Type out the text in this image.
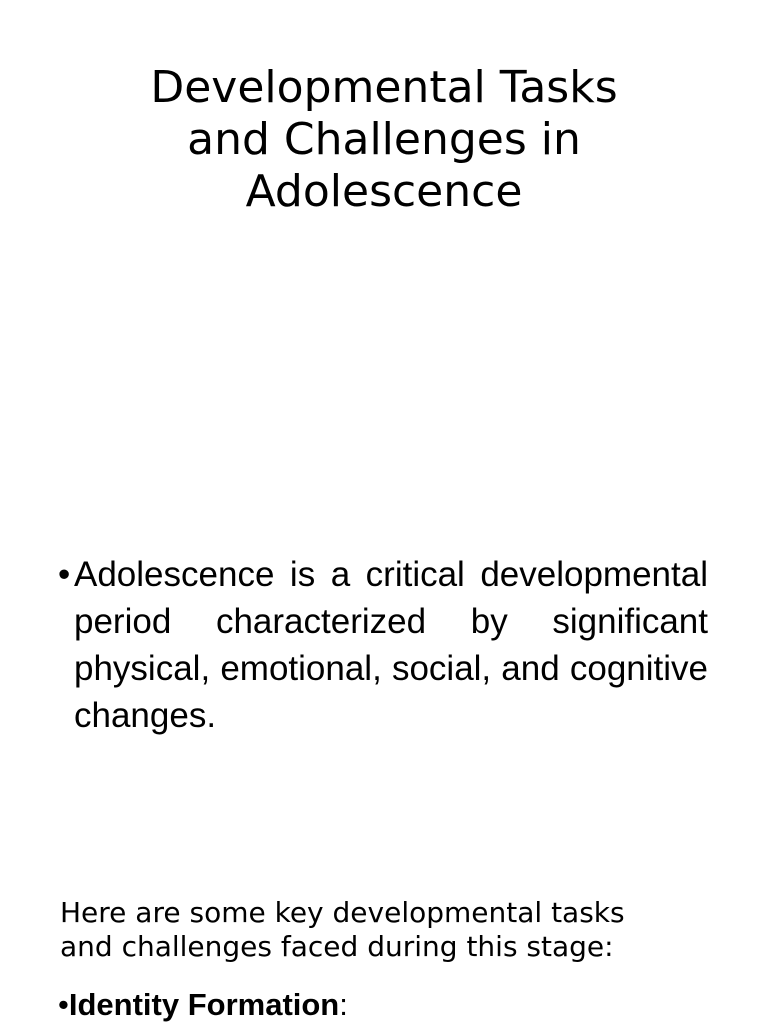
Developmental Tasks
and Challenges in
Adolescence
• Adolescence is a critical developmental period characterized by significant physical, emotional, social, and cognitive changes.

Here are some key developmental tasks
and challenges faced during this stage:

•Identity Formation:
